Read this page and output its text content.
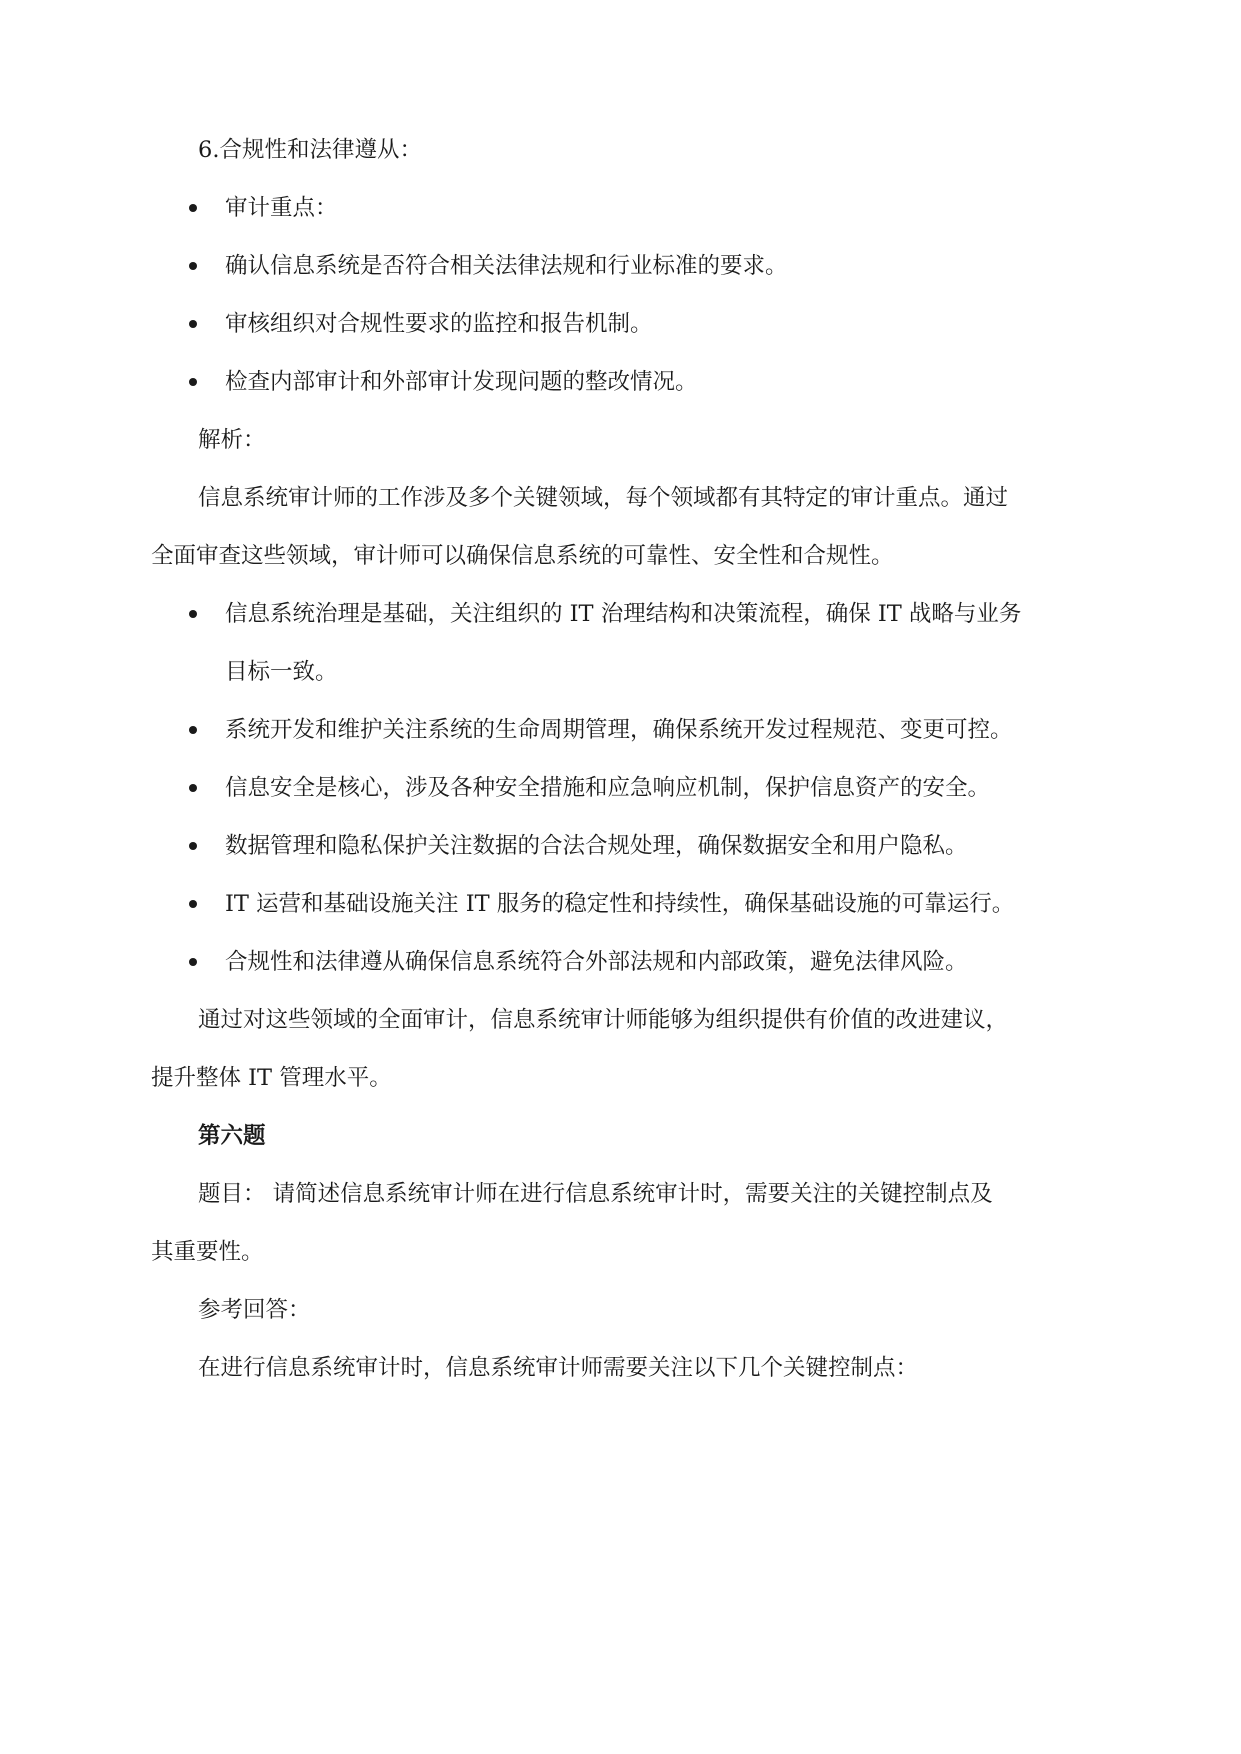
6.合规性和法律遵从：
审计重点：
确认信息系统是否符合相关法律法规和行业标准的要求。
审核组织对合规性要求的监控和报告机制。
检查内部审计和外部审计发现问题的整改情况。
解析：
信息系统审计师的工作涉及多个关键领域，每个领域都有其特定的审计重点。通过
全面审查这些领域，审计师可以确保信息系统的可靠性、安全性和合规性。
信息系统治理是基础，关注组织的 IT 治理结构和决策流程，确保 IT 战略与业务
目标一致。
系统开发和维护关注系统的生命周期管理，确保系统开发过程规范、变更可控。
信息安全是核心，涉及各种安全措施和应急响应机制，保护信息资产的安全。
数据管理和隐私保护关注数据的合法合规处理，确保数据安全和用户隐私。
IT 运营和基础设施关注 IT 服务的稳定性和持续性，确保基础设施的可靠运行。
合规性和法律遵从确保信息系统符合外部法规和内部政策，避免法律风险。
通过对这些领域的全面审计，信息系统审计师能够为组织提供有价值的改进建议，
提升整体 IT 管理水平。
第六题
题目： 请简述信息系统审计师在进行信息系统审计时，需要关注的关键控制点及
其重要性。
参考回答：
在进行信息系统审计时，信息系统审计师需要关注以下几个关键控制点：
